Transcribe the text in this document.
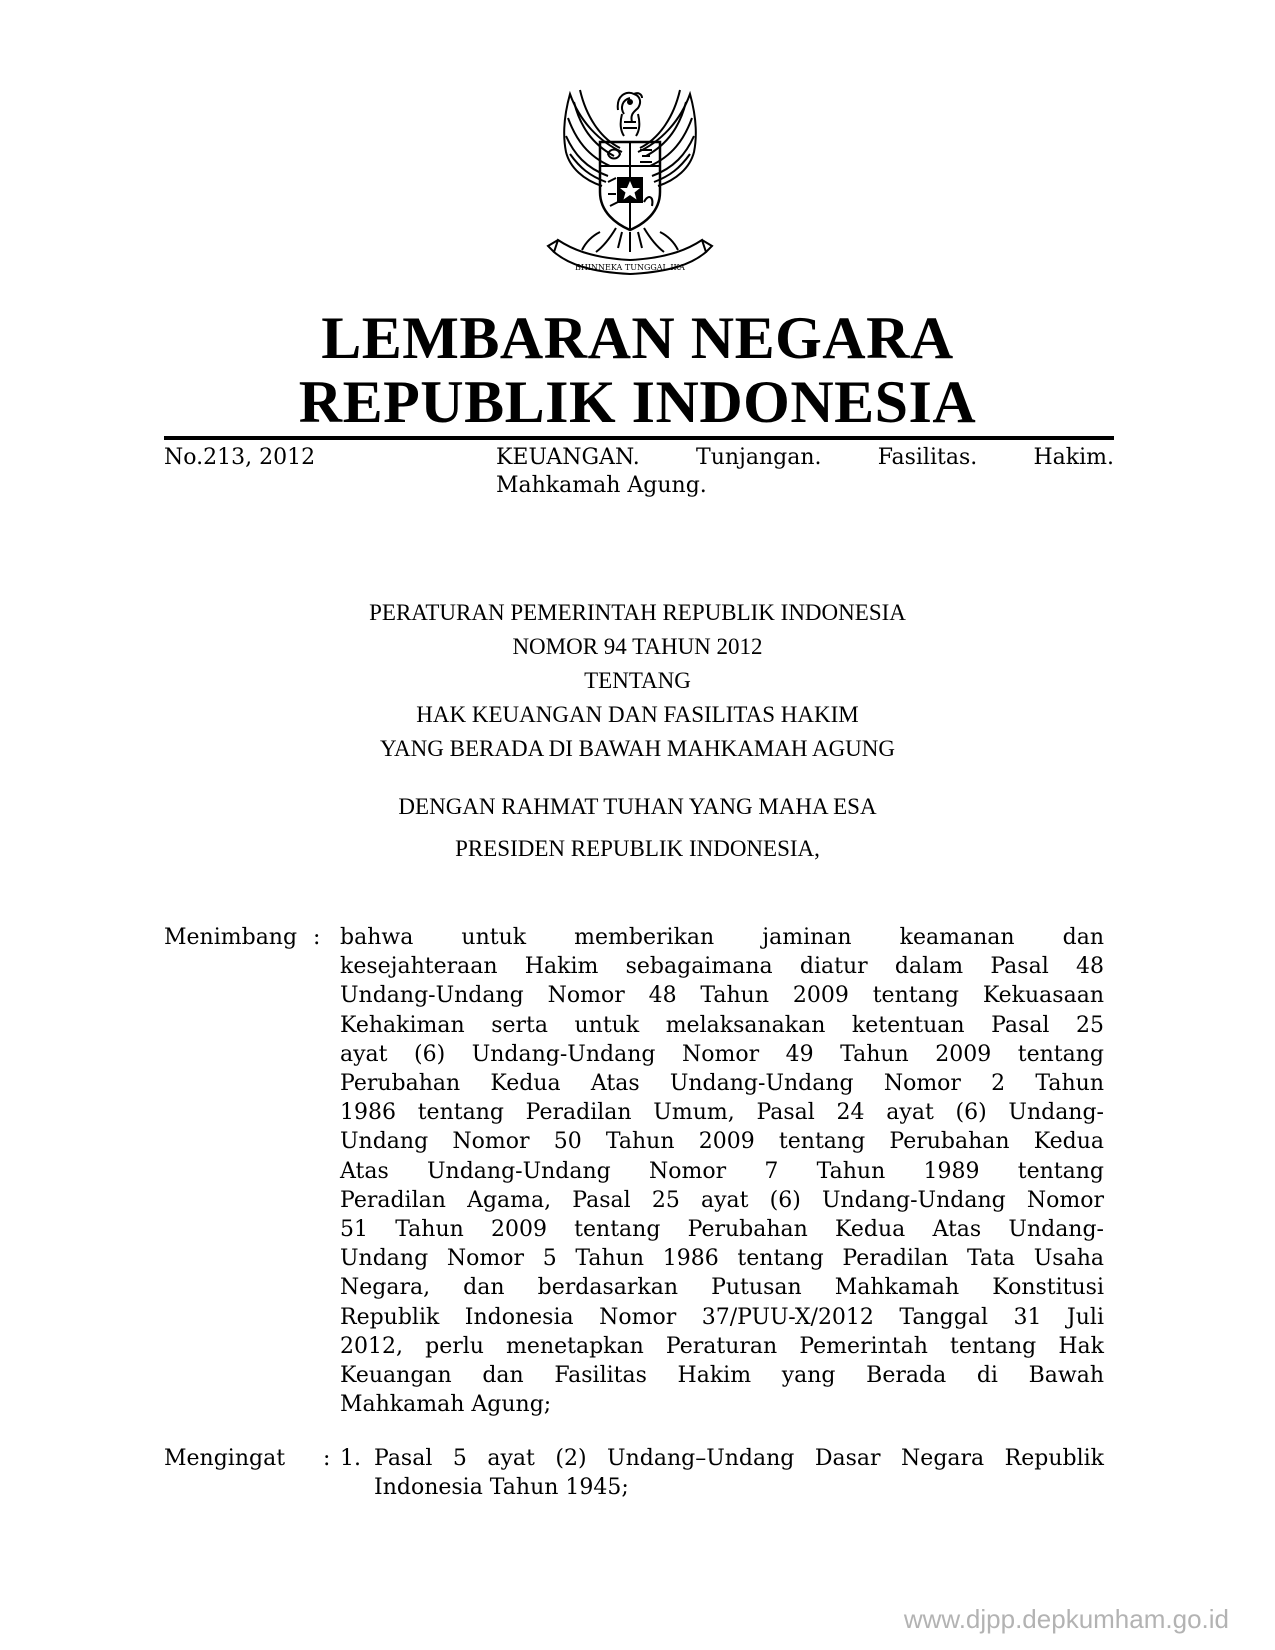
BHINNEKA TUNGGAL IKA
LEMBARAN NEGARA
REPUBLIK INDONESIA
No.213, 2012	KEUANGAN. Tunjangan. Fasilitas. Hakim.
Mahkamah Agung.
PERATURAN PEMERINTAH REPUBLIK INDONESIA
NOMOR 94 TAHUN 2012
TENTANG
HAK KEUANGAN DAN FASILITAS HAKIM
YANG BERADA DI BAWAH MAHKAMAH AGUNG
DENGAN RAHMAT TUHAN YANG MAHA ESA
PRESIDEN REPUBLIK INDONESIA,
Menimbang : bahwa untuk memberikan jaminan keamanan dan
kesejahteraan Hakim sebagaimana diatur dalam Pasal 48
Undang-Undang Nomor 48 Tahun 2009 tentang Kekuasaan
Kehakiman serta untuk melaksanakan ketentuan Pasal 25
ayat (6) Undang-Undang Nomor 49 Tahun 2009 tentang
Perubahan Kedua Atas Undang-Undang Nomor 2 Tahun
1986 tentang Peradilan Umum, Pasal 24 ayat (6) Undang-
Undang Nomor 50 Tahun 2009 tentang Perubahan Kedua
Atas Undang-Undang Nomor 7 Tahun 1989 tentang
Peradilan Agama, Pasal 25 ayat (6) Undang-Undang Nomor
51 Tahun 2009 tentang Perubahan Kedua Atas Undang-
Undang Nomor 5 Tahun 1986 tentang Peradilan Tata Usaha
Negara, dan berdasarkan Putusan Mahkamah Konstitusi
Republik Indonesia Nomor 37/PUU-X/2012 Tanggal 31 Juli
2012, perlu menetapkan Peraturan Pemerintah tentang Hak
Keuangan dan Fasilitas Hakim yang Berada di Bawah
Mahkamah Agung;
Mengingat : 1. Pasal 5 ayat (2) Undang–Undang Dasar Negara Republik
Indonesia Tahun 1945;
www.djpp.depkumham.go.id
